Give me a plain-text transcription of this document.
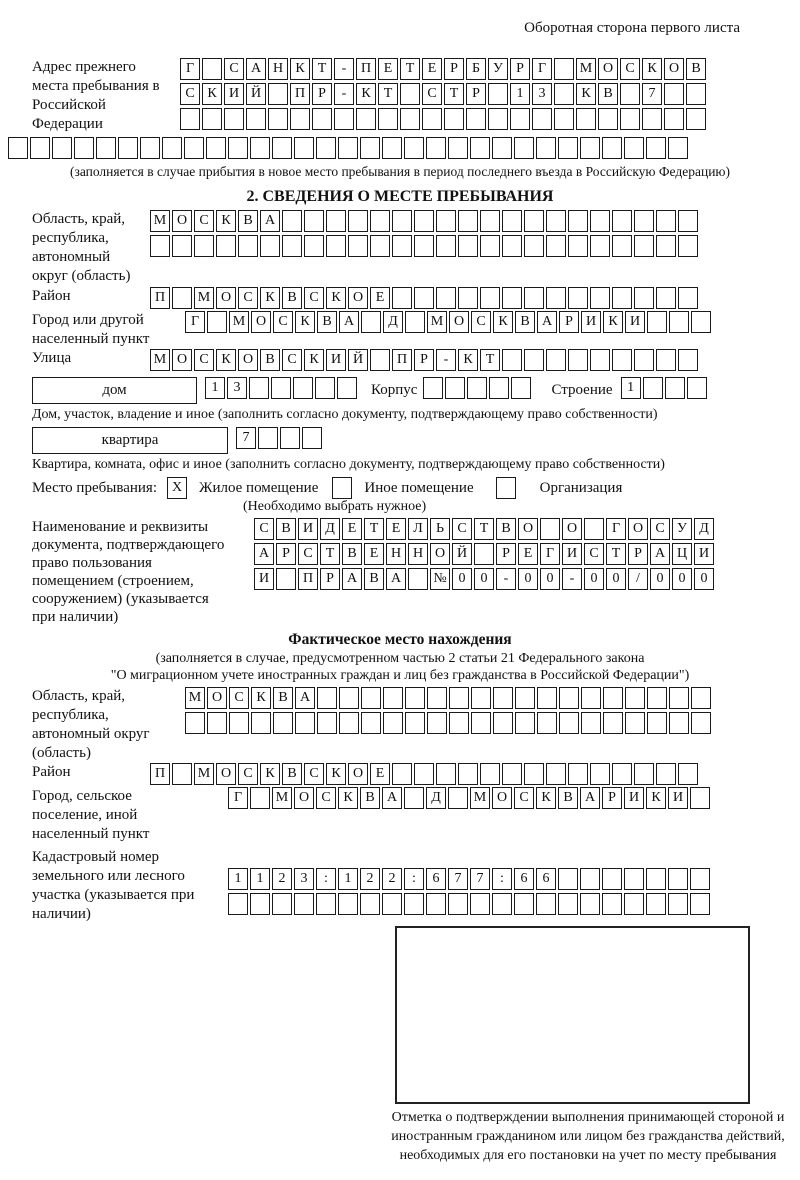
Оборотная сторона первого листа
Адрес прежнего места пребывания в Российской Федерации
Г	С А Н К Т	-	П Е Т Е Р	Б У Р	Г	М О С К О В
С К И Й	П Р	-	К Т	С Т Р	1	3	К В	7
(заполняется в случае прибытия в новое место пребывания в период последнего въезда в Российскую Федерацию)
2. СВЕДЕНИЯ О МЕСТЕ ПРЕБЫВАНИЯ
Область, край, республика, автономный округ (область)
М О С К В А
Район	П	М О С К В С К О Е
Город или другой населенный пункт
Г	М О С К В А	Д	М О С К В А Р И К И
Улица	М О С К О В С К И Й	П Р	-	К Т
дом	1	3	Корпус	Строение	1
Дом, участок, владение и иное (заполнить согласно документу, подтверждающему право собственности)
квартира	7
Квартира, комната, офис и иное (заполнить согласно документу, подтверждающему право собственности)
Место пребывания:	X	Жилое помещение	Иное помещение	Организация
(Необходимо выбрать нужное)
Наименование и реквизиты документа, подтверждающего право пользования помещением (строением, сооружением) (указывается при наличии)
С В И Д Е Т Е Л Ь С Т В О	О	Г О С У Д
А Р С Т В Е Н Н О Й	Р Е Г И С Т Р А Ц И
И	П Р А В А	№ 0	0	-	0	0	-	0	0	/	0	0	0
Фактическое место нахождения
(заполняется в случае, предусмотренном частью 2 статьи 21 Федерального закона
"О миграционном учете иностранных граждан и лиц без гражданства в Российской Федерации")
Область, край, республика, автономный округ (область)
М О С К В А
Район	П	М О С К В С К О Е
Город, сельское поселение, иной населенный пункт
Г	М О С К В А	Д	М О С К В А Р И К И
Кадастровый номер земельного или лесного участка (указывается при наличии)
1	1	2	3	:	1	2	2	:	6	7	7	:	6	6
Отметка о подтверждении выполнения принимающей стороной и иностранным гражданином или лицом без гражданства действий, необходимых для его постановки на учет по месту пребывания
